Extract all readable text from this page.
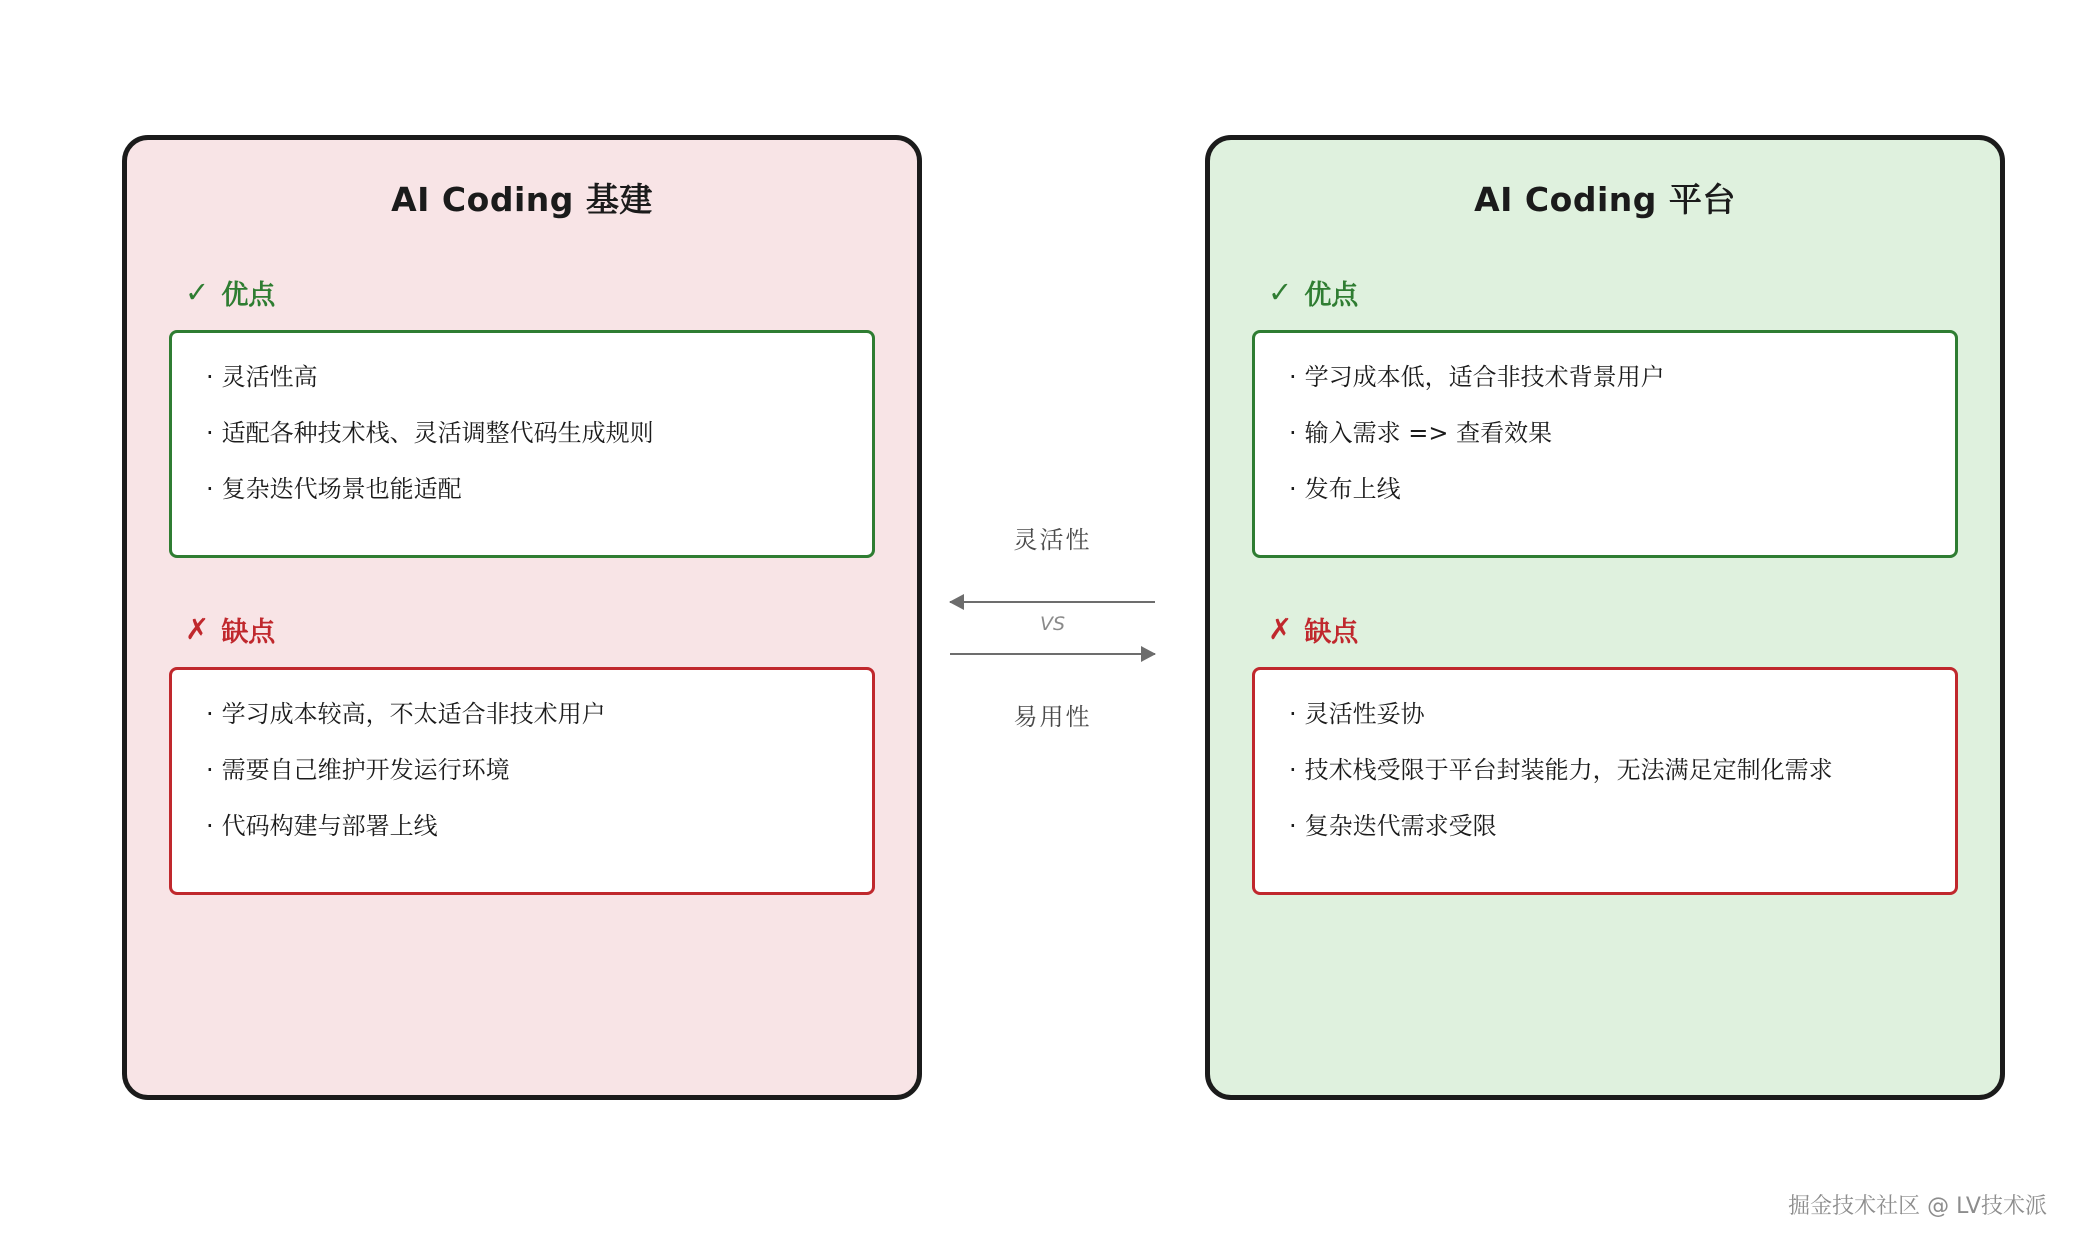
AI Coding 基建
✓ 优点
· 灵活性高
· 适配各种技术栈、灵活调整代码生成规则
· 复杂迭代场景也能适配
✗ 缺点
· 学习成本较高，不太适合非技术用户
· 需要自己维护开发运行环境
· 代码构建与部署上线
灵活性
VS
易用性
AI Coding 平台
✓ 优点
· 学习成本低，适合非技术背景用户
· 输入需求 => 查看效果
· 发布上线
✗ 缺点
· 灵活性妥协
· 技术栈受限于平台封装能力，无法满足定制化需求
· 复杂迭代需求受限
掘金技术社区 @ LV技术派
